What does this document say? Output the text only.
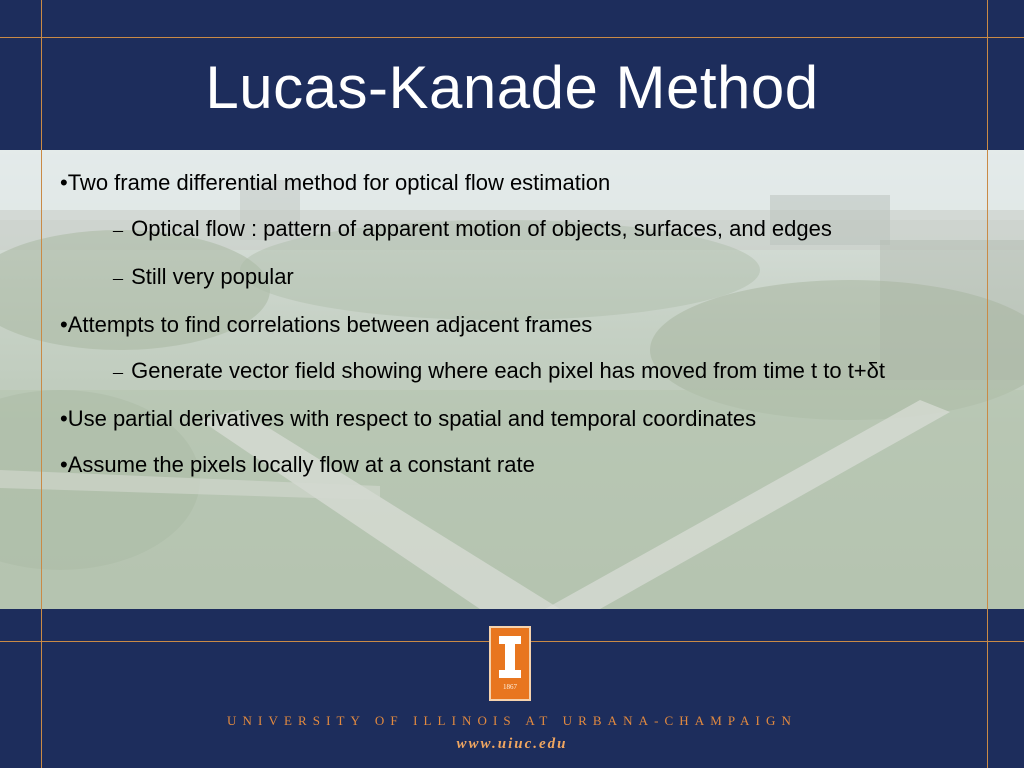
Lucas-Kanade Method
•Two frame differential method for optical flow estimation
– Optical flow : pattern of apparent motion of objects, surfaces, and edges
– Still very popular
•Attempts to find correlations between adjacent frames
– Generate vector field showing where each pixel has moved from time t to t+δt
•Use partial derivatives with respect to spatial and temporal coordinates
•Assume the pixels locally flow at a constant rate
1867
UNIVERSITY OF ILLINOIS AT URBANA-CHAMPAIGN
www.uiuc.edu
